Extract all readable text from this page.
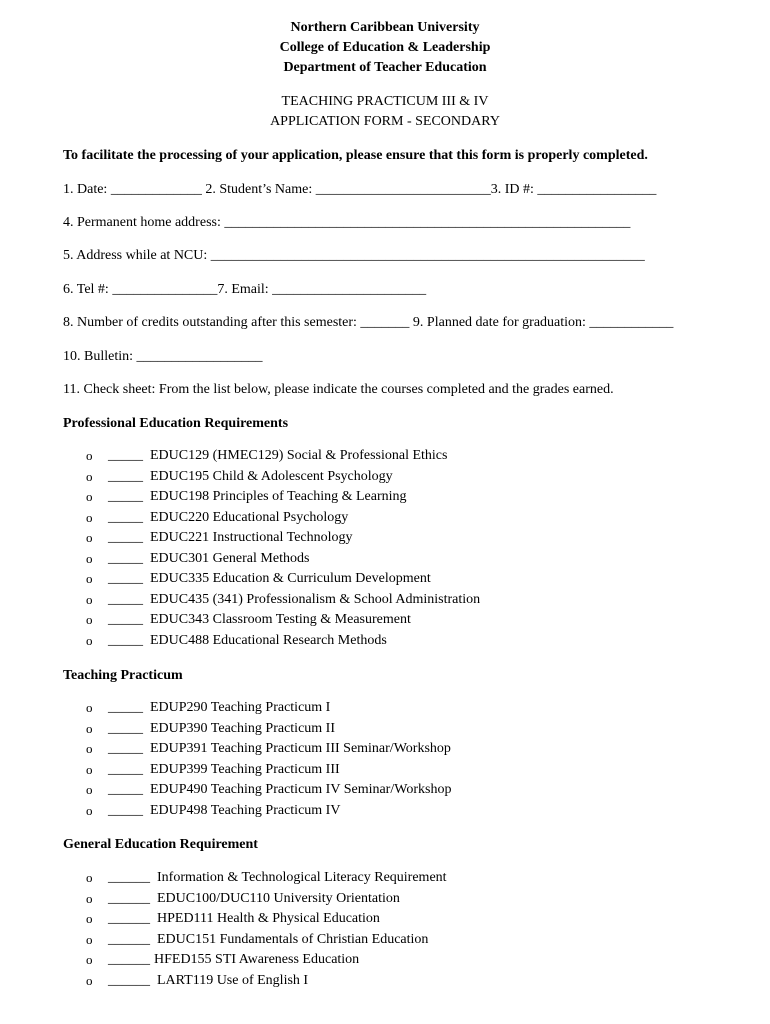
Northern Caribbean University
College of Education & Leadership
Department of Teacher Education
TEACHING PRACTICUM III & IV
APPLICATION FORM - SECONDARY
To facilitate the processing of your application, please ensure that this form is properly completed.
1. Date: _____________ 2. Student’s Name: _________________________3. ID #: _________________
4. Permanent home address: __________________________________________________________
5. Address while at NCU: ______________________________________________________________
6. Tel #: _______________7. Email: ______________________
8. Number of credits outstanding after this semester: _______ 9. Planned date for graduation: ____________
10. Bulletin: __________________
11. Check sheet: From the list below, please indicate the courses completed and the grades earned.
Professional Education Requirements
o _____ EDUC129 (HMEC129) Social & Professional Ethics
o _____ EDUC195 Child & Adolescent Psychology
o _____ EDUC198 Principles of Teaching & Learning
o _____ EDUC220 Educational Psychology
o _____ EDUC221 Instructional Technology
o _____ EDUC301 General Methods
o _____ EDUC335 Education & Curriculum Development
o _____ EDUC435 (341) Professionalism & School Administration
o _____ EDUC343 Classroom Testing & Measurement
o _____ EDUC488 Educational Research Methods
Teaching Practicum
o _____ EDUP290 Teaching Practicum I
o _____ EDUP390 Teaching Practicum II
o _____ EDUP391 Teaching Practicum III Seminar/Workshop
o _____ EDUP399 Teaching Practicum III
o _____ EDUP490 Teaching Practicum IV Seminar/Workshop
o _____ EDUP498 Teaching Practicum IV
General Education Requirement
o ______ Information & Technological Literacy Requirement
o ______ EDUC100/DUC110 University Orientation
o ______ HPED111 Health & Physical Education
o ______ EDUC151 Fundamentals of Christian Education
o ______ HFED155 STI Awareness Education
o ______ LART119 Use of English I
